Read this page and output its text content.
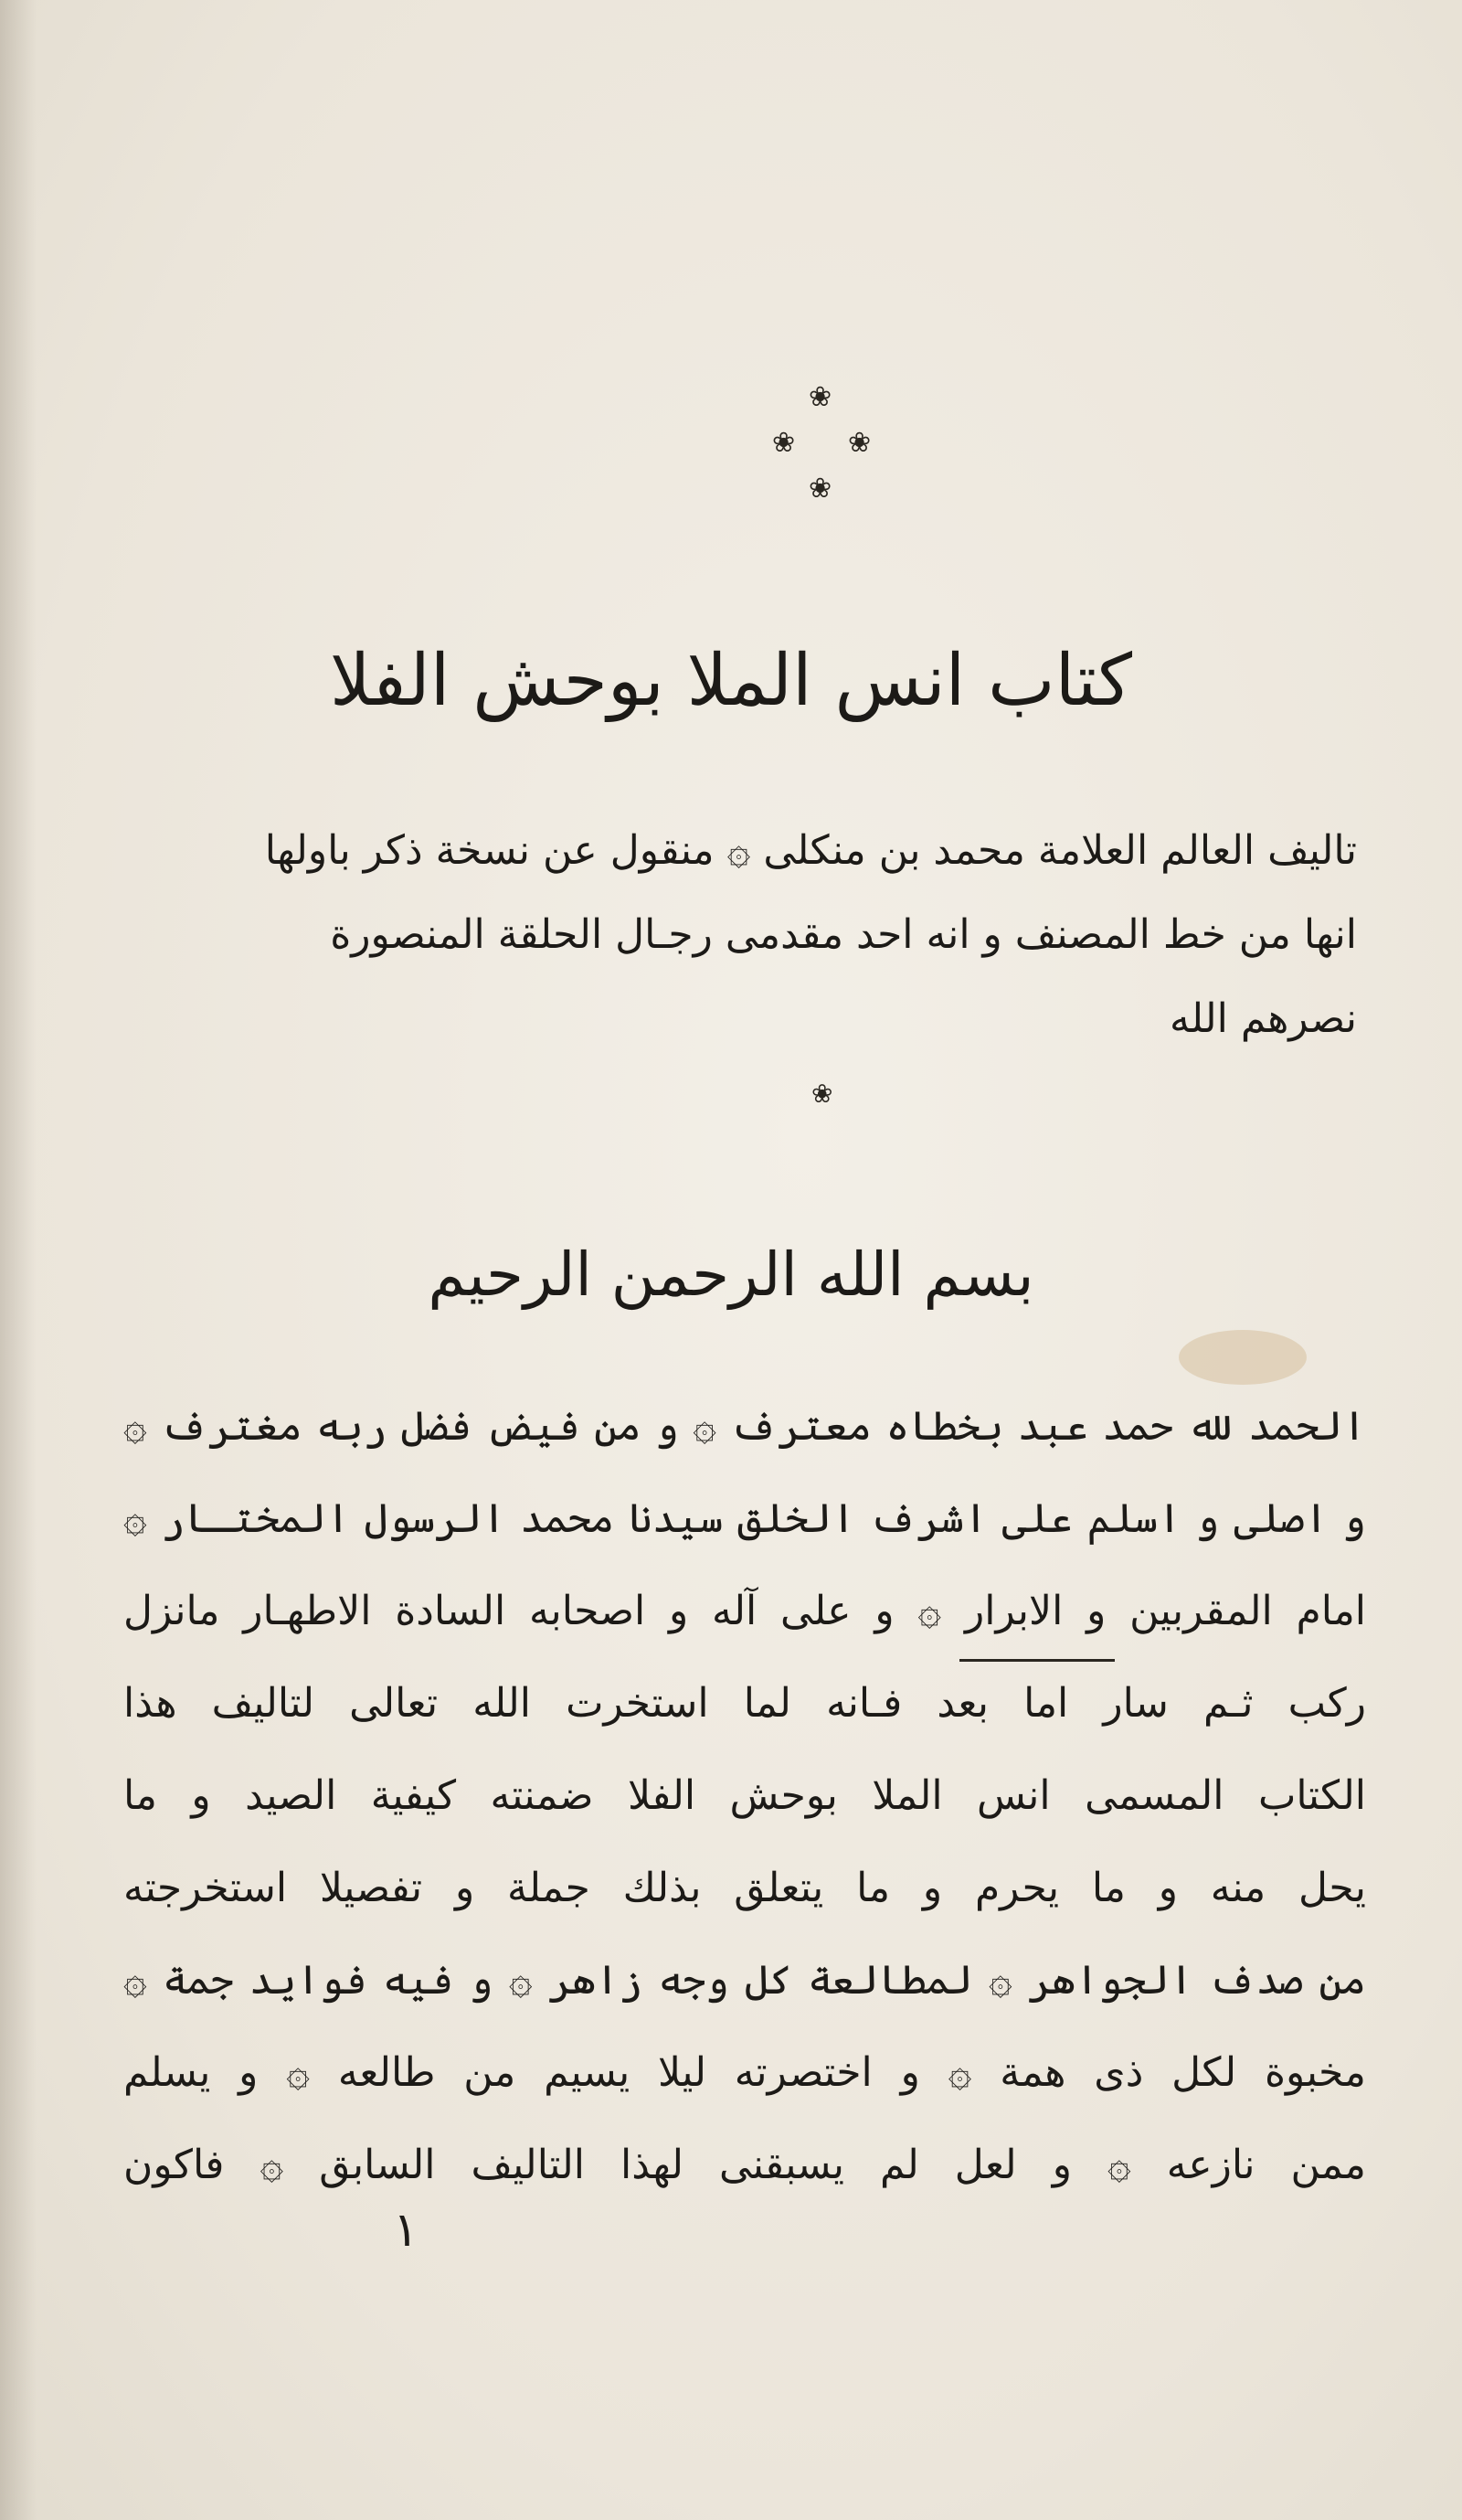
❀
❀ ❀
❀
كتاب انس الملا بوحش الفلا
تاليف العالم العلامة محمد بن منكلى ۞ منقول عن نسخة ذكر باولها
انها من خط المصنف و انه احد مقدمى رجـال الحلقة المنصورة
نصرهم الله
❀
بسم الله الرحمن الرحيم
الحمد لله حمد عبد بخطاه معترف ۞ و من فيض فضل ربه مغترف ۞
و اصلى و اسلم على اشرف الخلق سيدنا محمد الرسول المختـار ۞
امام المقربين و الابرار ۞ و على آله و اصحابه السادة الاطهـار مانزل
ركب ثـم سار اما بعد فـانه لما استخرت الله تعالى لتاليف هذا
الكتاب المسمى انس الملا بوحش الفلا ضمنته كيفية الصيد و ما
يحل منه و ما يحرم و ما يتعلق بذلك جملة و تفصيلا استخرجته
من صدف الجواهر ۞ لمطالعة كل وجه زاهر ۞ و فيه فوايد جمة ۞
مخبوة لكل ذى همة ۞ و اختصرته ليلا يسيم من طالعه ۞ و يسلم
ممن نازعه ۞ و لعل لم يسبقنى لهذا التاليف السابق ۞ فاكون
١
